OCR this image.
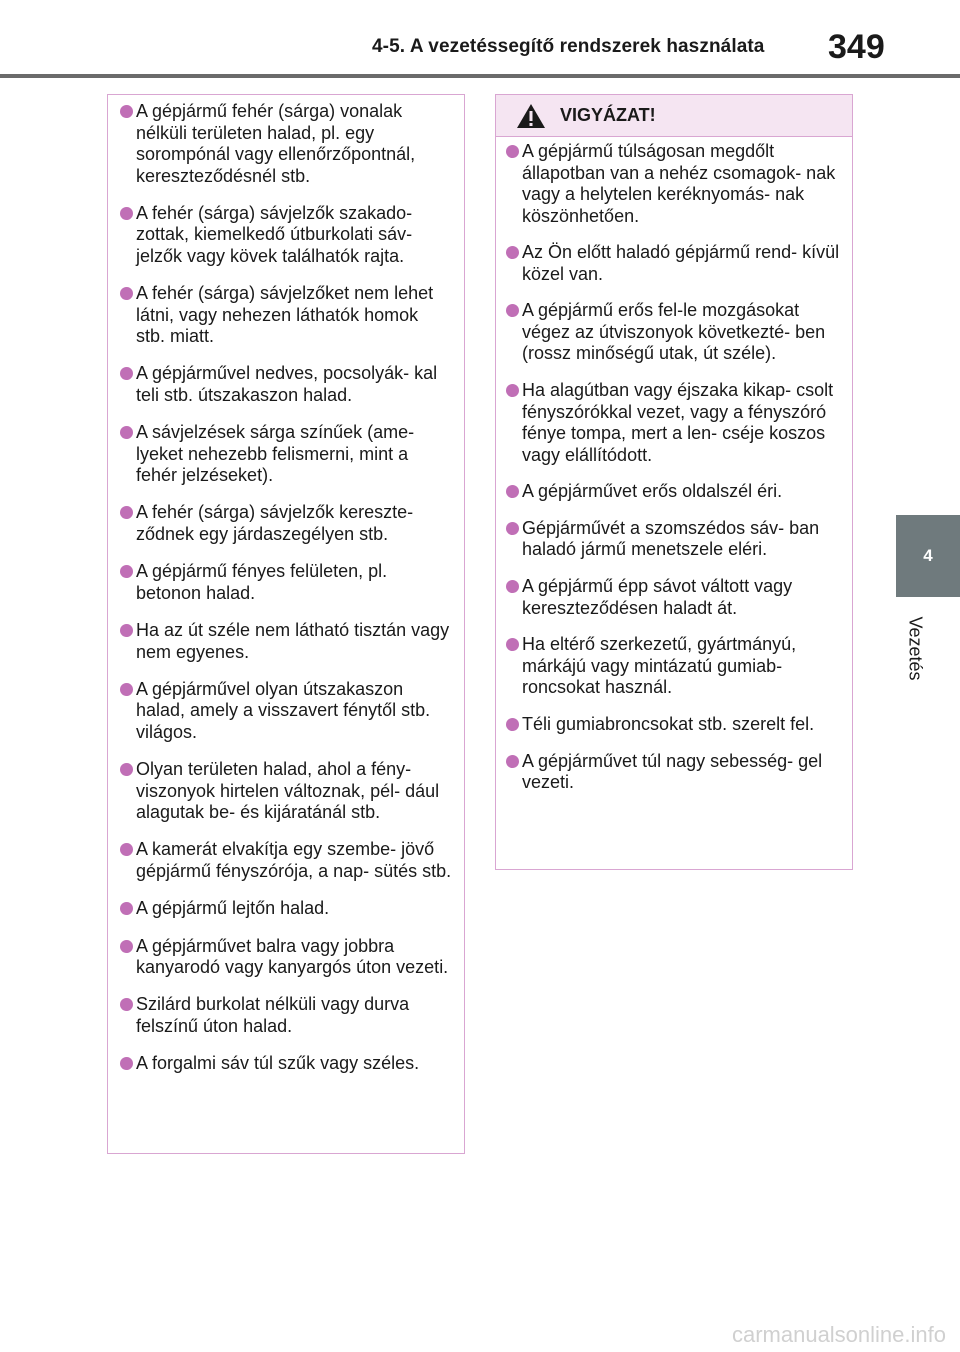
4-5. A vezetéssegítő rendszerek használata 349
4
Vezetés
A gépjármű fehér (sárga) vonalak nélküli területen halad, pl. egy sorompónál vagy ellenőrzőpontnál, kereszteződésnél stb.
A fehér (sárga) sávjelzők szakado- zottak, kiemelkedő útburkolati sáv- jelzők vagy kövek találhatók rajta.
A fehér (sárga) sávjelzőket nem lehet látni, vagy nehezen láthatók homok stb. miatt.
A gépjárművel nedves, pocsolyák- kal teli stb. útszakaszon halad.
A sávjelzések sárga színűek (ame- lyeket nehezebb felismerni, mint a fehér jelzéseket).
A fehér (sárga) sávjelzők kereszte- ződnek egy járdaszegélyen stb.
A gépjármű fényes felületen, pl. betonon halad.
Ha az út széle nem látható tisztán vagy nem egyenes.
A gépjárművel olyan útszakaszon halad, amely a visszavert fénytől stb. világos.
Olyan területen halad, ahol a fény- viszonyok hirtelen változnak, pél- dául alagutak be- és kijáratánál stb.
A kamerát elvakítja egy szembe- jövő gépjármű fényszórója, a nap- sütés stb.
A gépjármű lejtőn halad.
A gépjárművet balra vagy jobbra kanyarodó vagy kanyargós úton vezeti.
Szilárd burkolat nélküli vagy durva felszínű úton halad.
A forgalmi sáv túl szűk vagy széles.
VIGYÁZAT!
A gépjármű túlságosan megdőlt állapotban van a nehéz csomagok- nak vagy a helytelen keréknyomás- nak köszönhetően.
Az Ön előtt haladó gépjármű rend- kívül közel van.
A gépjármű erős fel-le mozgásokat végez az útviszonyok következté- ben (rossz minőségű utak, út széle).
Ha alagútban vagy éjszaka kikap- csolt fényszórókkal vezet, vagy a fényszóró fénye tompa, mert a len- cséje koszos vagy elállítódott.
A gépjárművet erős oldalszél éri.
Gépjárművét a szomszédos sáv- ban haladó jármű menetszele eléri.
A gépjármű épp sávot váltott vagy kereszteződésen haladt át.
Ha eltérő szerkezetű, gyártmányú, márkájú vagy mintázatú gumiab- roncsokat használ.
Téli gumiabroncsokat stb. szerelt fel.
A gépjárművet túl nagy sebesség- gel vezeti.
carmanualsonline.info
